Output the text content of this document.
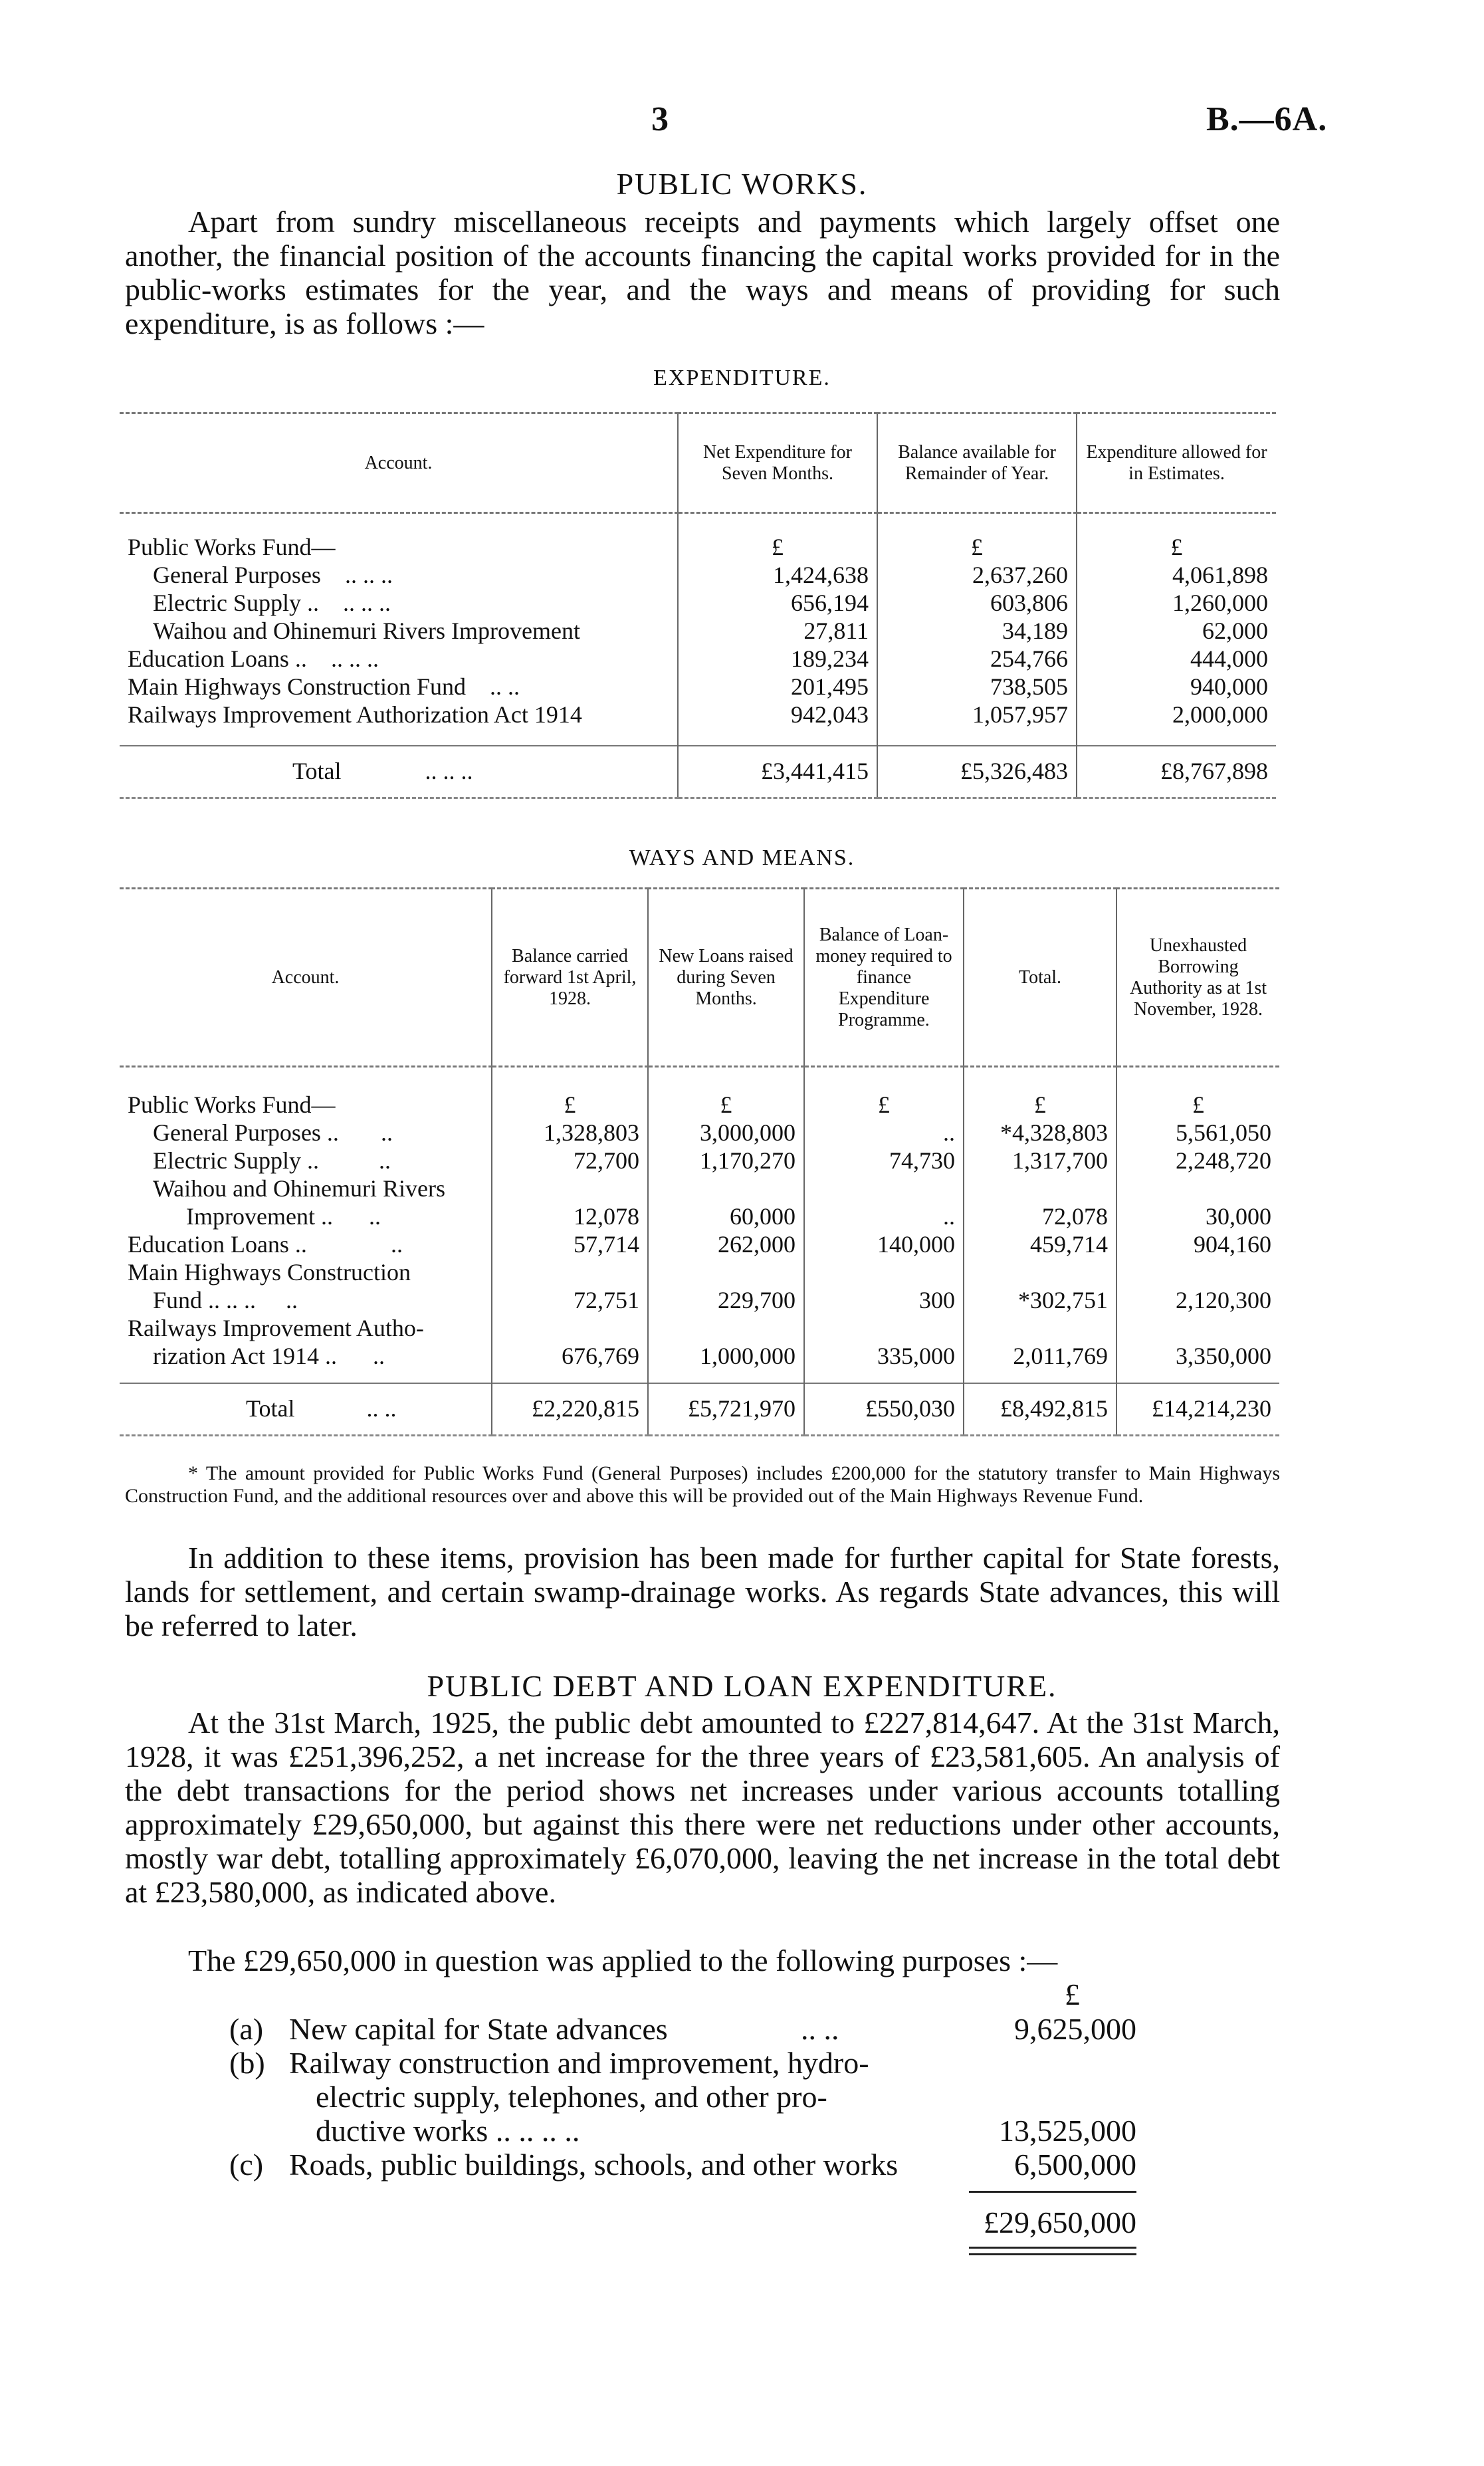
3	B.—6A.
PUBLIC WORKS.

Apart from sundry miscellaneous receipts and payments which largely offset one another, the financial position of the accounts financing the capital works provided for in the public-works estimates for the year, and the ways and means of providing for such expenditure, is as follows :—

EXPENDITURE.
Account.	Net Expenditure for Seven Months.	Balance available for Remainder of Year.	Expenditure allowed for in Estimates.

Public Works Fund—	£	£	£
General Purposes .. .. ..	1,424,638	2,637,260	4,061,898
Electric Supply .. .. .. ..	656,194	603,806	1,260,000
Waihou and Ohinemuri Rivers Improvement	27,811	34,189	62,000
Education Loans .. .. .. ..	189,234	254,766	444,000
Main Highways Construction Fund .. ..	201,495	738,505	940,000
Railways Improvement Authorization Act 1914	942,043	1,057,957	2,000,000

Total .. .. ..	£3,441,415	£5,326,483	£8,767,898
WAYS AND MEANS.
Account.	Balance carried forward 1st April, 1928.	New Loans raised during Seven Months.	Balance of Loan-money required to finance Expenditure Programme.	Total.	Unexhausted Borrowing Authority as at 1st November, 1928.

Public Works Fund—	£	£	£	£	£
General Purposes .. ..	1,328,803	3,000,000	..	*4,328,803	5,561,050
Electric Supply .. ..	72,700	1,170,270	74,730	1,317,700	2,248,720
Waihou and Ohinemuri Rivers					
Improvement .. ..	12,078	60,000	..	72,078	30,000
Education Loans .. ..	57,714	262,000	140,000	459,714	904,160
Main Highways Construction					
Fund .. .. .. ..	72,751	229,700	300	*302,751	2,120,300
Railways Improvement Autho-					
rization Act 1914 .. ..	676,769	1,000,000	335,000	2,011,769	3,350,000

Total .. ..	£2,220,815	£5,721,970	£550,030	£8,492,815	£14,214,230
* The amount provided for Public Works Fund (General Purposes) includes £200,000 for the statutory transfer to Main Highways Construction Fund, and the additional resources over and above this will be provided out of the Main Highways Revenue Fund.

In addition to these items, provision has been made for further capital for State forests, lands for settlement, and certain swamp-drainage works. As regards State advances, this will be referred to later.

PUBLIC DEBT AND LOAN EXPENDITURE.

At the 31st March, 1925, the public debt amounted to £227,814,647. At the 31st March, 1928, it was £251,396,252, a net increase for the three years of £23,581,605. An analysis of the debt transactions for the period shows net increases under various accounts totalling approximately £29,650,000, but against this there were net reductions under other accounts, mostly war debt, totalling approximately £6,070,000, leaving the net increase in the total debt at £23,580,000, as indicated above.

The £29,650,000 in question was applied to the following purposes :—

£
(a) New capital for State advances	.. ..	9,625,000
(b) Railway construction and improvement, hydro-
electric supply, telephones, and other pro-
ductive works .. .. .. ..	13,525,000
(c) Roads, public buildings, schools, and other works	6,500,000
£29,650,000
